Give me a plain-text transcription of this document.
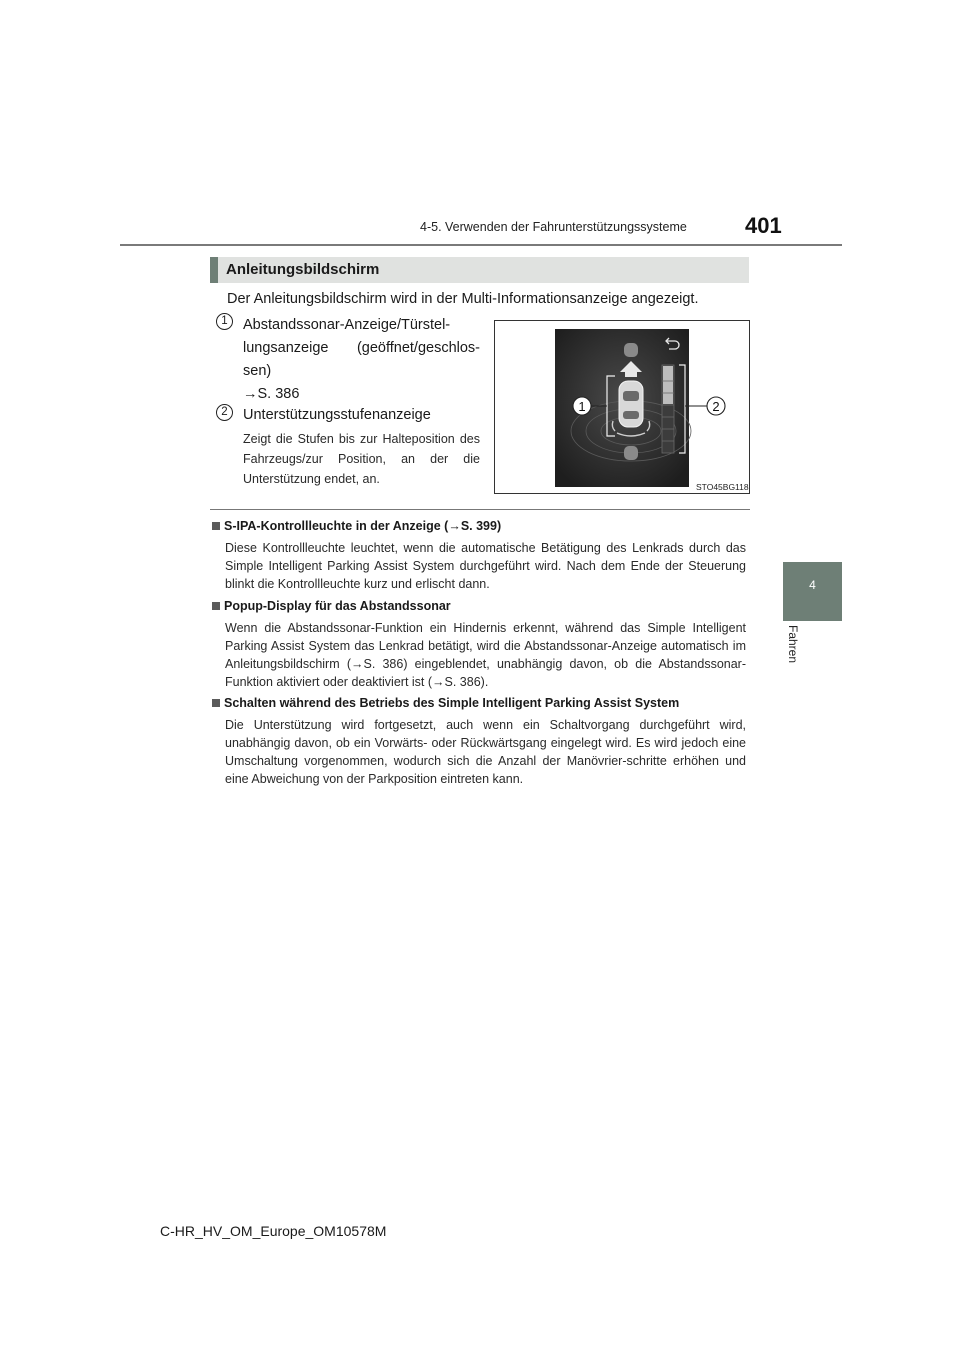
4-5. Verwenden der Fahrunterstützungssysteme	401
4
Fahren
Anleitungsbildschirm
Der Anleitungsbildschirm wird in der Multi-Informationsanzeige angezeigt.
1	Abstandssonar-Anzeige/Türstel-
lungsanzeige (geöffnet/geschlos-
sen)
→S. 386
2	Unterstützungsstufenanzeige
Zeigt die Stufen bis zur Halteposition des Fahrzeugs/zur Position, an der die Unterstützung endet, an.
1	2
STO45BG118
S-IPA-Kontrollleuchte in der Anzeige (→S. 399)
Diese Kontrollleuchte leuchtet, wenn die automatische Betätigung des Lenkrads durch das Simple Intelligent Parking Assist System durchgeführt wird. Nach dem Ende der Steuerung blinkt die Kontrollleuchte kurz und erlischt dann.
Popup-Display für das Abstandssonar
Wenn die Abstandssonar-Funktion ein Hindernis erkennt, während das Simple Intelligent Parking Assist System das Lenkrad betätigt, wird die Abstandssonar-Anzeige automatisch im Anleitungsbildschirm (→S. 386) eingeblendet, unabhängig davon, ob die Abstandssonar-Funktion aktiviert oder deaktiviert ist (→S. 386).
Schalten während des Betriebs des Simple Intelligent Parking Assist System
Die Unterstützung wird fortgesetzt, auch wenn ein Schaltvorgang durchgeführt wird, unabhängig davon, ob ein Vorwärts- oder Rückwärtsgang eingelegt wird. Es wird jedoch eine Umschaltung vorgenommen, wodurch sich die Anzahl der Manövrier-schritte erhöhen und eine Abweichung von der Parkposition eintreten kann.
C-HR_HV_OM_Europe_OM10578M
